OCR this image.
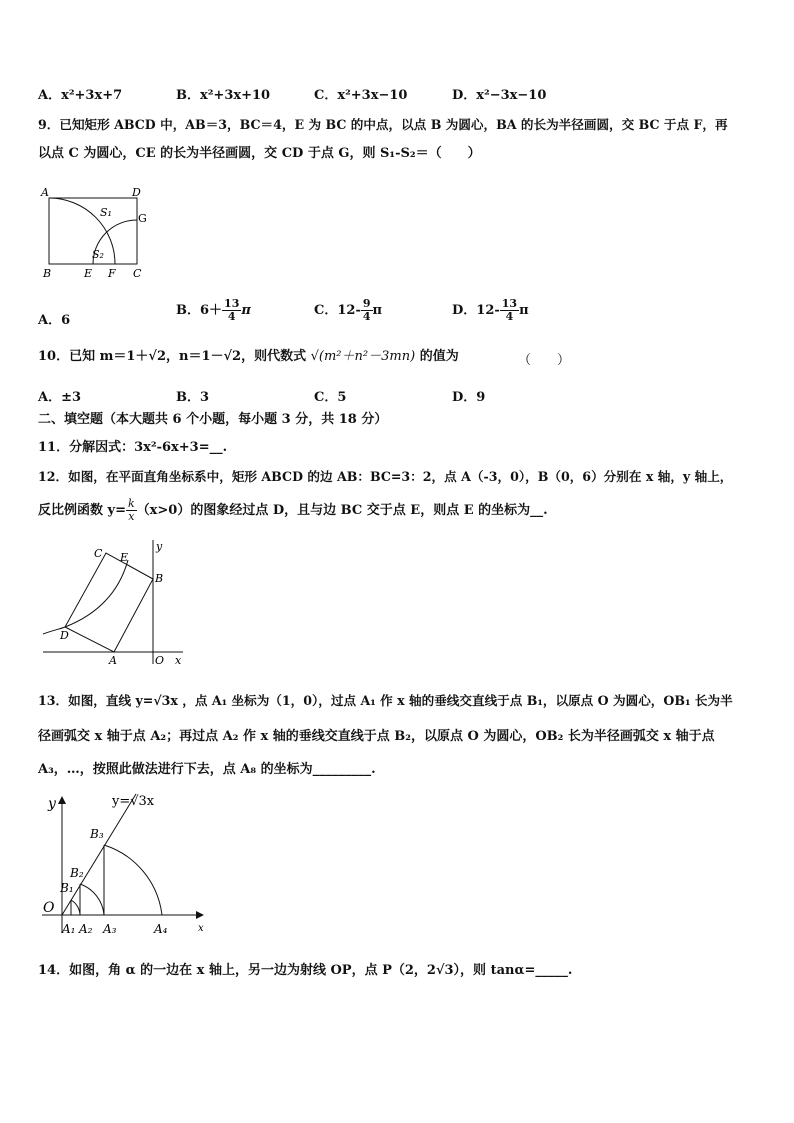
A．x²+3x+7	B．x²+3x+10	C．x²+3x−10	D．x²−3x−10
9．已知矩形 ABCD 中，AB＝3，BC＝4，E 为 BC 的中点，以点 B 为圆心，BA 的长为半径画圆，交 BC 于点 F，再
以点 C 为圆心，CE 的长为半径画圆，交 CD 于点 G，则 S₁-S₂＝（　　）
A	D
G
S₁
S₂
B	E F C
A．6
B．$6+ \frac{13}{4}$ π	C．$12- \frac{9}{4}$ π	D．$12- \frac{13}{4}$ π
10．已知 m＝1＋√2，n＝1－√2，则代数式 √(m²＋n²－3mn) 的值为	（　　）
A．±3	B．3	C．5	D．9
二、填空题（本大题共 6 个小题，每小题 3 分，共 18 分）
11．分解因式：3x²-6x+3=__.
12．如图，在平面直角坐标系中，矩形 ABCD 的边 AB：BC=3：2，点 A（-3，0），B（0，6）分别在 x 轴，y 轴上，
反比例函数 $y= \frac{k}{x} (x>0)$的图象经过点 D，且与边 BC 交于点 E，则点 E 的坐标为__.
C E
y
B
D
A	O x
13．如图，直线 y=√3x ，点 A₁ 坐标为（1，0），过点 A₁ 作 x 轴的垂线交直线于点 B₁，以原点 O 为圆心，OB₁ 长为半
径画弧交 x 轴于点 A₂；再过点 A₂ 作 x 轴的垂线交直线于点 B₂，以原点 O 为圆心，OB₂ 长为半径画弧交 x 轴于点
A₃，…，按照此做法进行下去，点 A₈ 的坐标为_________.
y	y=√3x
B₃
B₂
B₁
O
A₁ A₂ A₃	A₄	x
14．如图，角 α 的一边在 x 轴上，另一边为射线 OP，点 P（2，2√3），则 tanα=_____.
